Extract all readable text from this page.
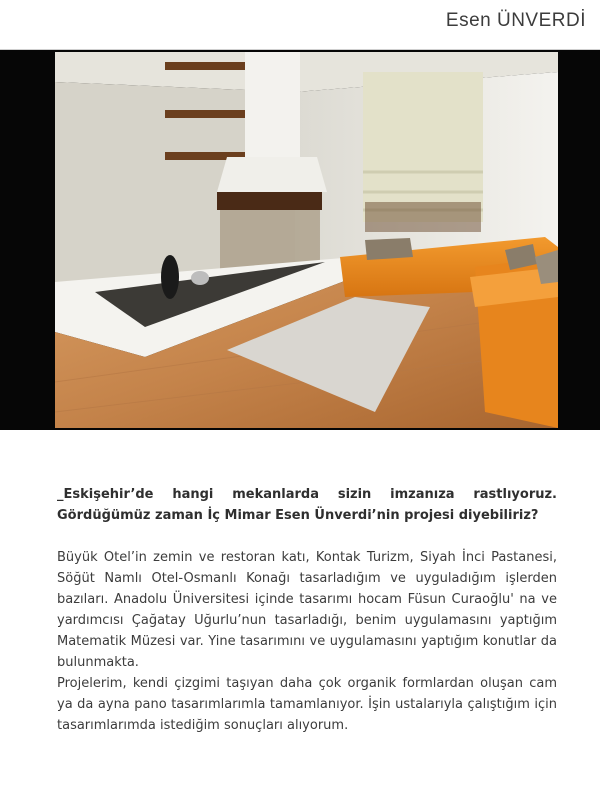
Esen ÜNVERDİ
_Eskişehir’de hangi mekanlarda sizin imzanıza rastlıyoruz. Gördüğümüz zaman İç Mimar Esen Ünverdi’nin projesi diyebiliriz?

Büyük Otel’in zemin ve restoran katı, Kontak Turizm, Siyah İnci Pastanesi, Söğüt Namlı Otel-Osmanlı Konağı tasarladığım ve uyguladığım işlerden bazıları. Anadolu Üniversitesi içinde tasarımı hocam Füsun Curaoğlu' na ve yardımcısı Çağatay Uğurlu’nun tasarladığı, benim uygulamasını yaptığım Matematik Müzesi var. Yine tasarımını ve uygulamasını yaptığım konutlar da bulunmakta.

Projelerim, kendi çizgimi taşıyan daha çok organik formlardan oluşan cam ya da ayna pano tasarımlarımla tamamlanıyor. İşin ustalarıyla çalıştığım için tasarımlarımda istediğim sonuçları alıyorum.
